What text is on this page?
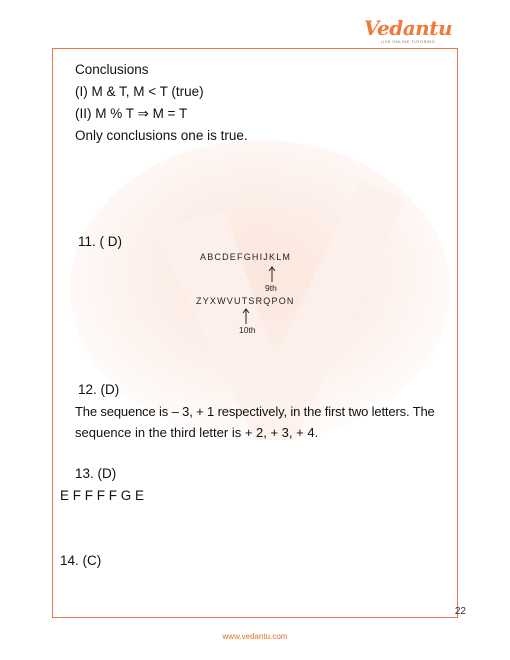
Vedantu
LIVE ONLINE TUTORING
Conclusions
(I) M & T, M < T (true)
(II) M % T ⇒ M = T
Only conclusions one is true.
11. ( D)
ABCDEFGHIJKLM
9th
ZYXWVUTSRQPON
10th
12. (D)
The sequence is – 3, + 1 respectively, in the first two letters. The
sequence in the third letter is + 2, + 3, + 4.
13. (D)
E F F F F G E
14. (C)
22
www.vedantu.com
